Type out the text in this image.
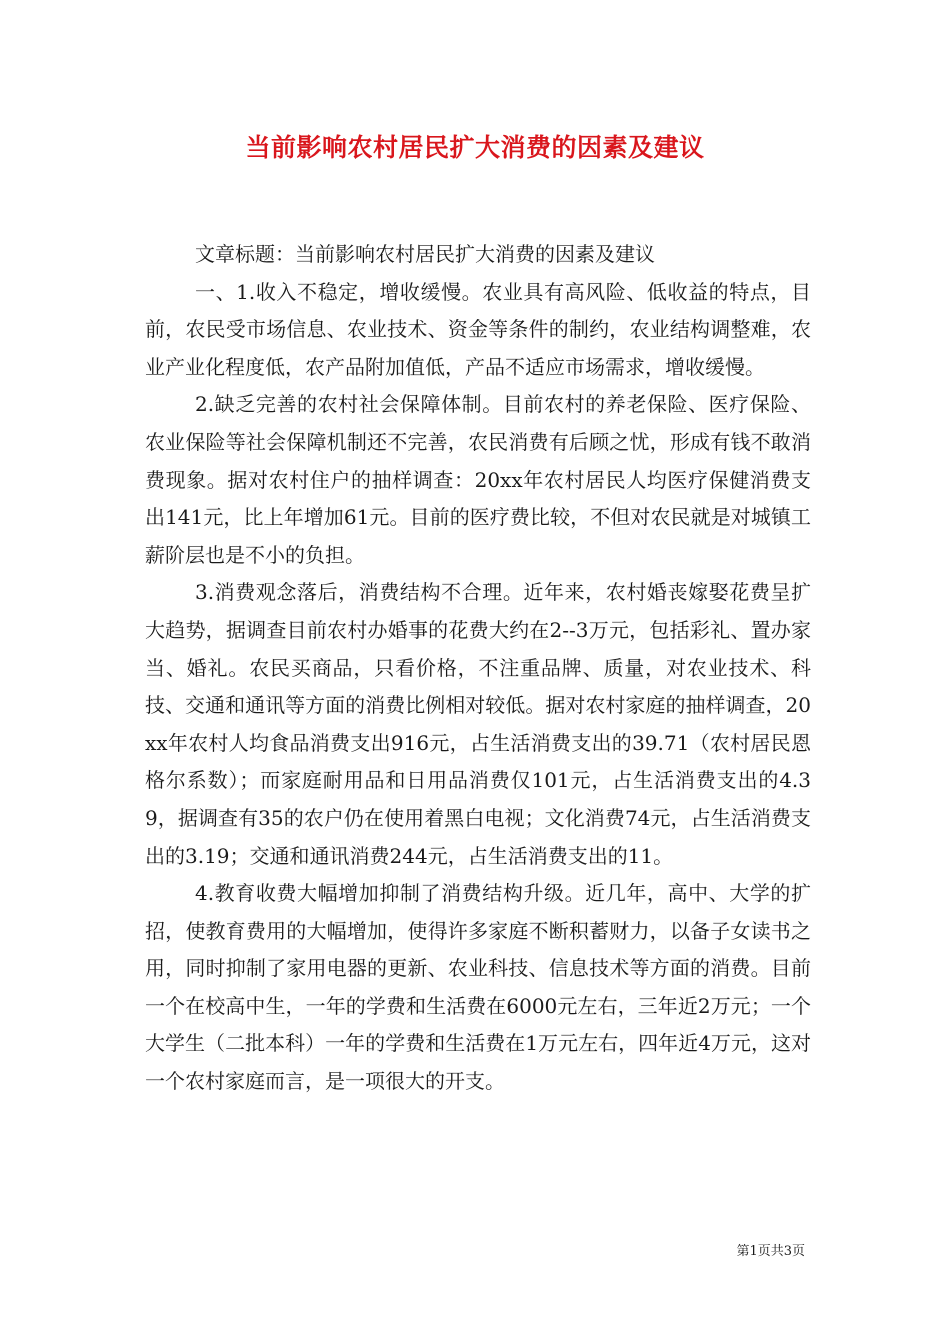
当前影响农村居民扩大消费的因素及建议

文章标题：当前影响农村居民扩大消费的因素及建议

一、1.收入不稳定，增收缓慢。农业具有高风险、低收益的特点，目前，农民受市场信息、农业技术、资金等条件的制约，农业结构调整难，农业产业化程度低，农产品附加值低，产品不适应市场需求，增收缓慢。

2.缺乏完善的农村社会保障体制。目前农村的养老保险、医疗保险、农业保险等社会保障机制还不完善，农民消费有后顾之忧，形成有钱不敢消费现象。据对农村住户的抽样调查：20xx年农村居民人均医疗保健消费支出141元，比上年增加61元。目前的医疗费比较，不但对农民就是对城镇工薪阶层也是不小的负担。

3.消费观念落后，消费结构不合理。近年来，农村婚丧嫁娶花费呈扩大趋势，据调查目前农村办婚事的花费大约在2--3万元，包括彩礼、置办家当、婚礼。农民买商品，只看价格，不注重品牌、质量，对农业技术、科技、交通和通讯等方面的消费比例相对较低。据对农村家庭的抽样调查，20xx年农村人均食品消费支出916元，占生活消费支出的39.71（农村居民恩格尔系数）；而家庭耐用品和日用品消费仅101元，占生活消费支出的4.39，据调查有35的农户仍在使用着黑白电视；文化消费74元，占生活消费支出的3.19；交通和通讯消费244元，占生活消费支出的11。

4.教育收费大幅增加抑制了消费结构升级。近几年，高中、大学的扩招，使教育费用的大幅增加，使得许多家庭不断积蓄财力，以备子女读书之用，同时抑制了家用电器的更新、农业科技、信息技术等方面的消费。目前一个在校高中生，一年的学费和生活费在6000元左右，三年近2万元；一个大学生（二批本科）一年的学费和生活费在1万元左右，四年近4万元，这对一个农村家庭而言，是一项很大的开支。

第1页共3页
